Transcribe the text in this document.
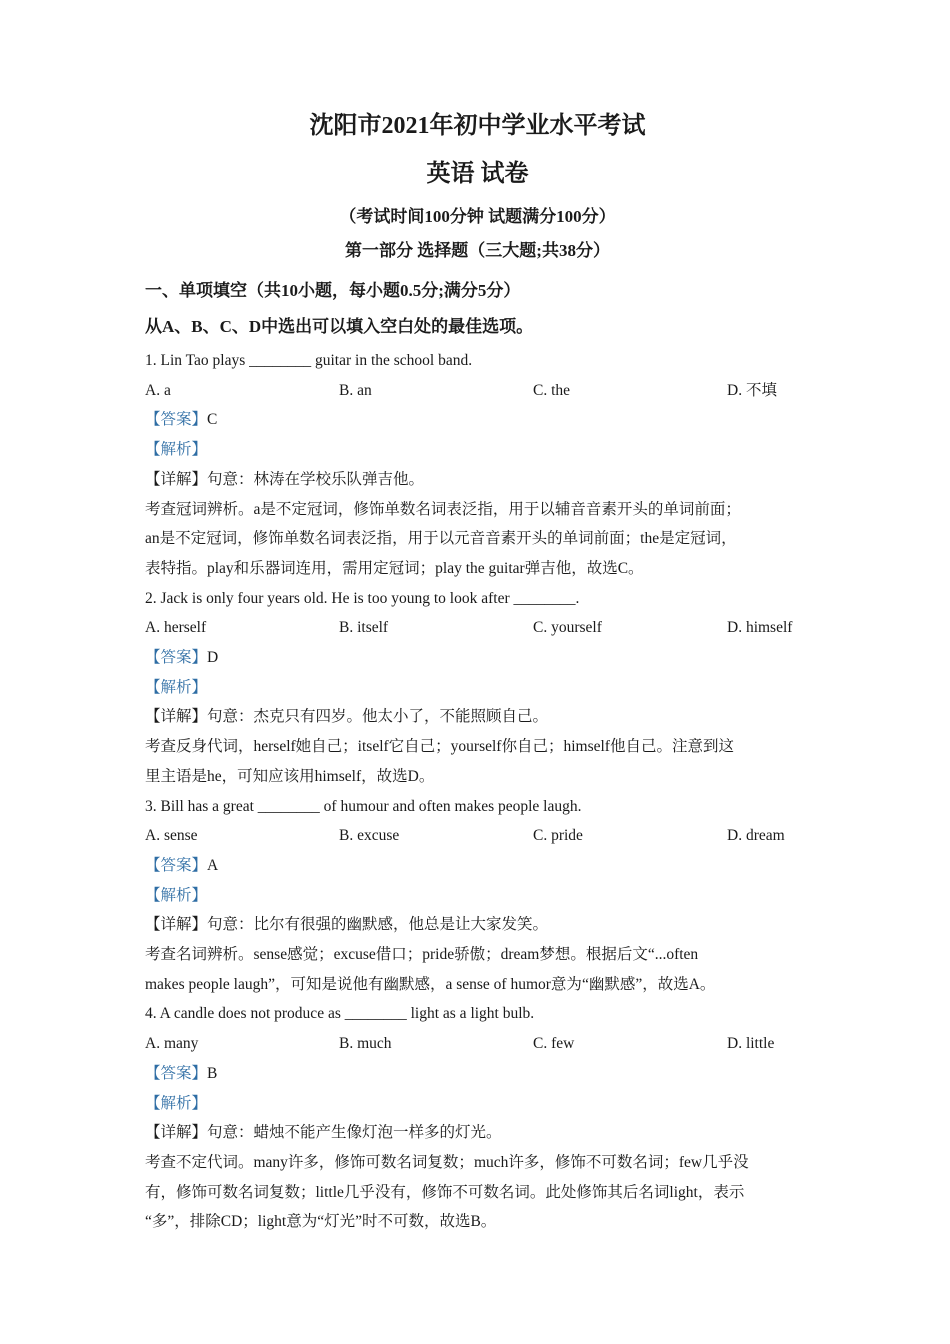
沈阳市2021年初中学业水平考试
英语 试卷
（考试时间100分钟 试题满分100分）
第一部分 选择题（三大题;共38分）
一、单项填空（共10小题，每小题0.5分;满分5分）
从A、B、C、D中选出可以填入空白处的最佳选项。

1. Lin Tao plays ________ guitar in the school band.

A. a	B. an	C. the	D. 不填

【答案】C

【解析】

【详解】句意：林涛在学校乐队弹吉他。

考查冠词辨析。a是不定冠词，修饰单数名词表泛指，用于以辅音音素开头的单词前面；

an是不定冠词，修饰单数名词表泛指，用于以元音音素开头的单词前面；the是定冠词，

表特指。play和乐器词连用，需用定冠词；play the guitar弹吉他，故选C。

2. Jack is only four years old. He is too young to look after ________.

A. herself	B. itself	C. yourself	D. himself

【答案】D

【解析】

【详解】句意：杰克只有四岁。他太小了，不能照顾自己。

考查反身代词，herself她自己；itself它自己；yourself你自己；himself他自己。注意到这

里主语是he，可知应该用himself，故选D。

3. Bill has a great ________ of humour and often makes people laugh.

A. sense	B. excuse	C. pride	D. dream

【答案】A

【解析】

【详解】句意：比尔有很强的幽默感，他总是让大家发笑。

考查名词辨析。sense感觉；excuse借口；pride骄傲；dream梦想。根据后文“...often

makes people laugh”，可知是说他有幽默感，a sense of humor意为“幽默感”，故选A。

4. A candle does not produce as ________ light as a light bulb.

A. many	B. much	C. few	D. little

【答案】B

【解析】

【详解】句意：蜡烛不能产生像灯泡一样多的灯光。

考查不定代词。many许多，修饰可数名词复数；much许多，修饰不可数名词；few几乎没

有，修饰可数名词复数；little几乎没有，修饰不可数名词。此处修饰其后名词light，表示

“多”，排除CD；light意为“灯光”时不可数，故选B。
